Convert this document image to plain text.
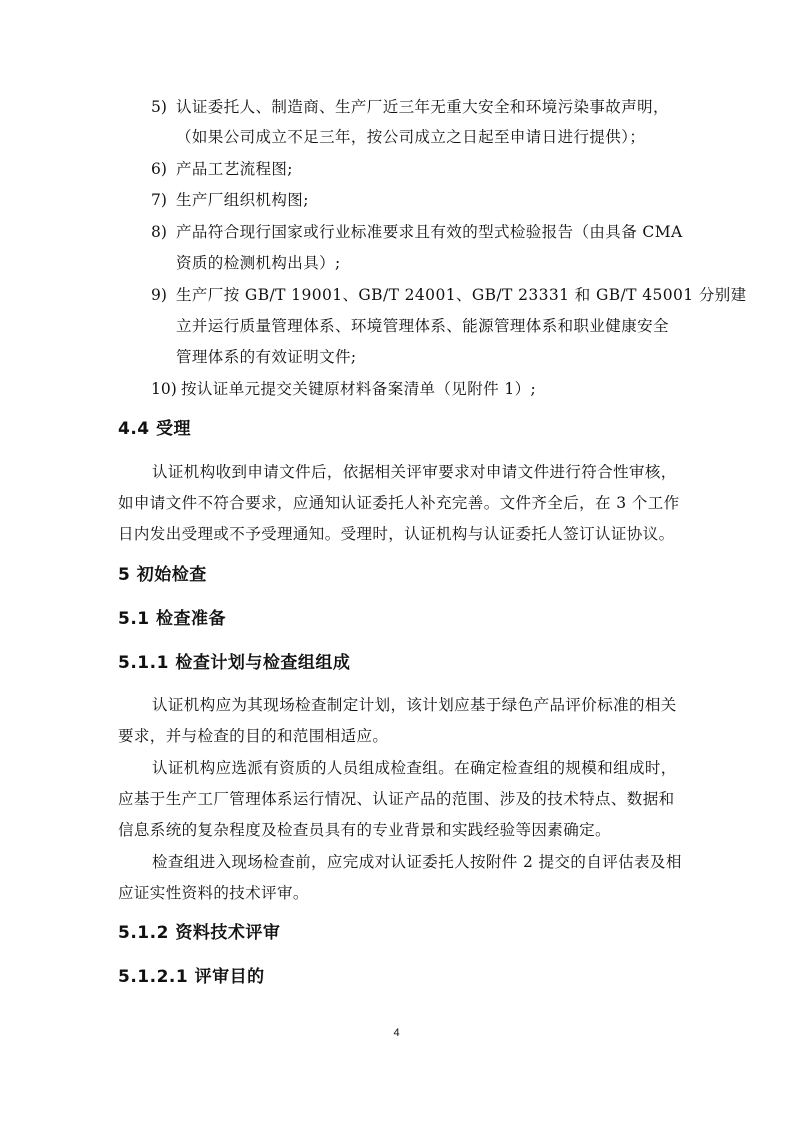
5) 认证委托人、制造商、生产厂近三年无重大安全和环境污染事故声明，
（如果公司成立不足三年，按公司成立之日起至申请日进行提供）；
6) 产品工艺流程图;
7) 生产厂组织机构图;
8) 产品符合现行国家或行业标准要求且有效的型式检验报告（由具备 CMA
资质的检测机构出具）;
9) 生产厂按 GB/T 19001、GB/T 24001、GB/T 23331 和 GB/T 45001 分别建
立并运行质量管理体系、环境管理体系、能源管理体系和职业健康安全
管理体系的有效证明文件;
10) 按认证单元提交关键原材料备案清单（见附件 1）;
4.4 受理
认证机构收到申请文件后，依据相关评审要求对申请文件进行符合性审核，
如申请文件不符合要求，应通知认证委托人补充完善。文件齐全后，在 3 个工作
日内发出受理或不予受理通知。受理时，认证机构与认证委托人签订认证协议。
5 初始检查
5.1 检查准备
5.1.1 检查计划与检查组组成
认证机构应为其现场检查制定计划，该计划应基于绿色产品评价标准的相关
要求，并与检查的目的和范围相适应。
认证机构应选派有资质的人员组成检查组。在确定检查组的规模和组成时，
应基于生产工厂管理体系运行情况、认证产品的范围、涉及的技术特点、数据和
信息系统的复杂程度及检查员具有的专业背景和实践经验等因素确定。
检查组进入现场检查前，应完成对认证委托人按附件 2 提交的自评估表及相
应证实性资料的技术评审。
5.1.2 资料技术评审
5.1.2.1 评审目的
4
